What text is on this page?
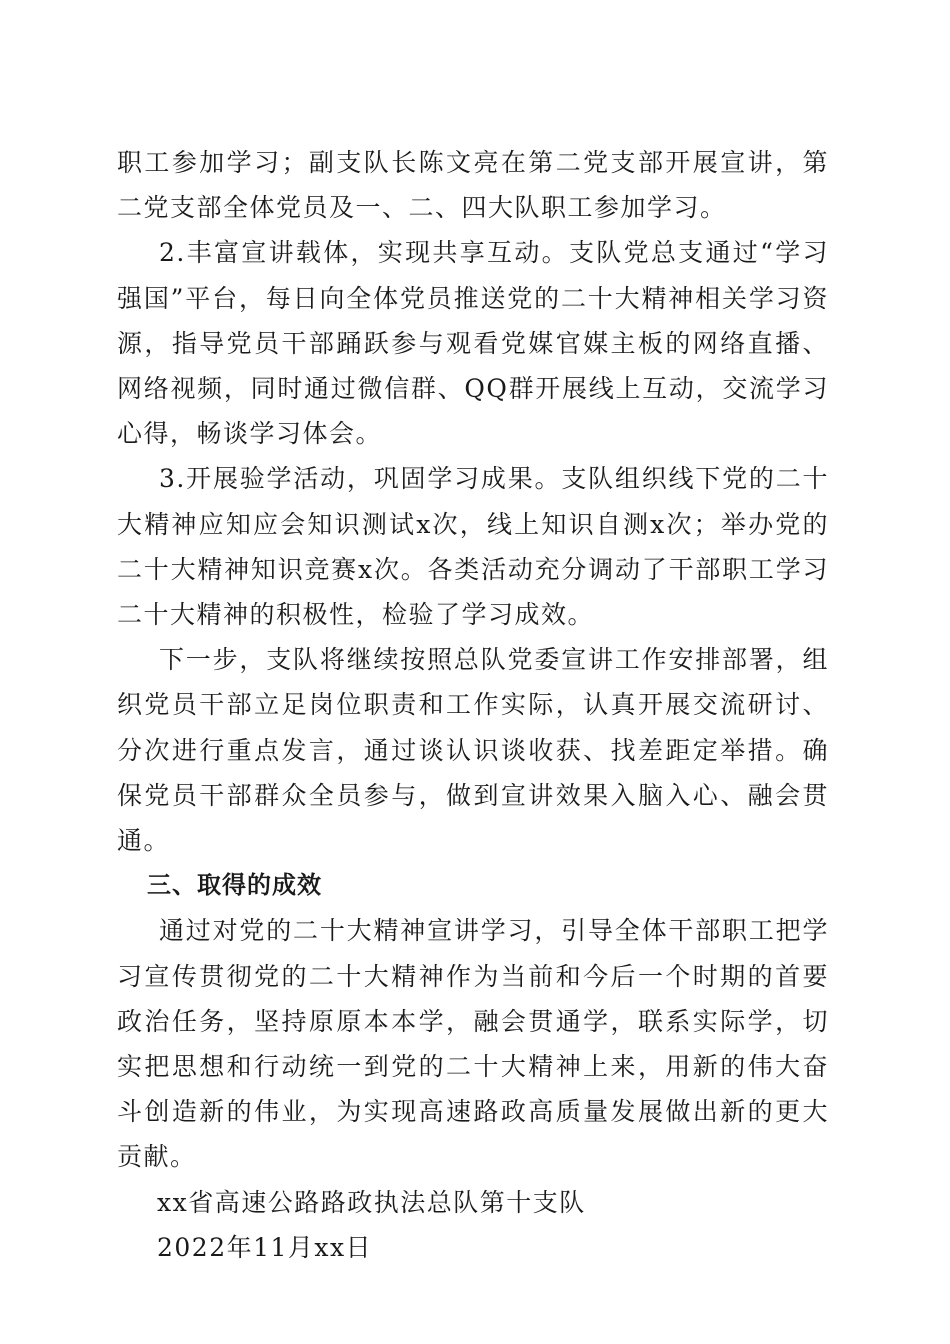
职工参加学习；副支队长陈文亮在第二党支部开展宣讲，第二党支部全体党员及一、二、四大队职工参加学习。

2.丰富宣讲载体，实现共享互动。支队党总支通过“学习强国”平台，每日向全体党员推送党的二十大精神相关学习资源，指导党员干部踊跃参与观看党媒官媒主板的网络直播、网络视频，同时通过微信群、QQ群开展线上互动，交流学习心得，畅谈学习体会。

3.开展验学活动，巩固学习成果。支队组织线下党的二十大精神应知应会知识测试x次，线上知识自测x次；举办党的二十大精神知识竞赛x次。各类活动充分调动了干部职工学习二十大精神的积极性，检验了学习成效。

下一步，支队将继续按照总队党委宣讲工作安排部署，组织党员干部立足岗位职责和工作实际，认真开展交流研讨、分次进行重点发言，通过谈认识谈收获、找差距定举措。确保党员干部群众全员参与，做到宣讲效果入脑入心、融会贯通。

三、取得的成效

通过对党的二十大精神宣讲学习，引导全体干部职工把学习宣传贯彻党的二十大精神作为当前和今后一个时期的首要政治任务，坚持原原本本学，融会贯通学，联系实际学，切实把思想和行动统一到党的二十大精神上来，用新的伟大奋斗创造新的伟业，为实现高速路政高质量发展做出新的更大贡献。

xx省高速公路路政执法总队第十支队

2022年11月xx日
